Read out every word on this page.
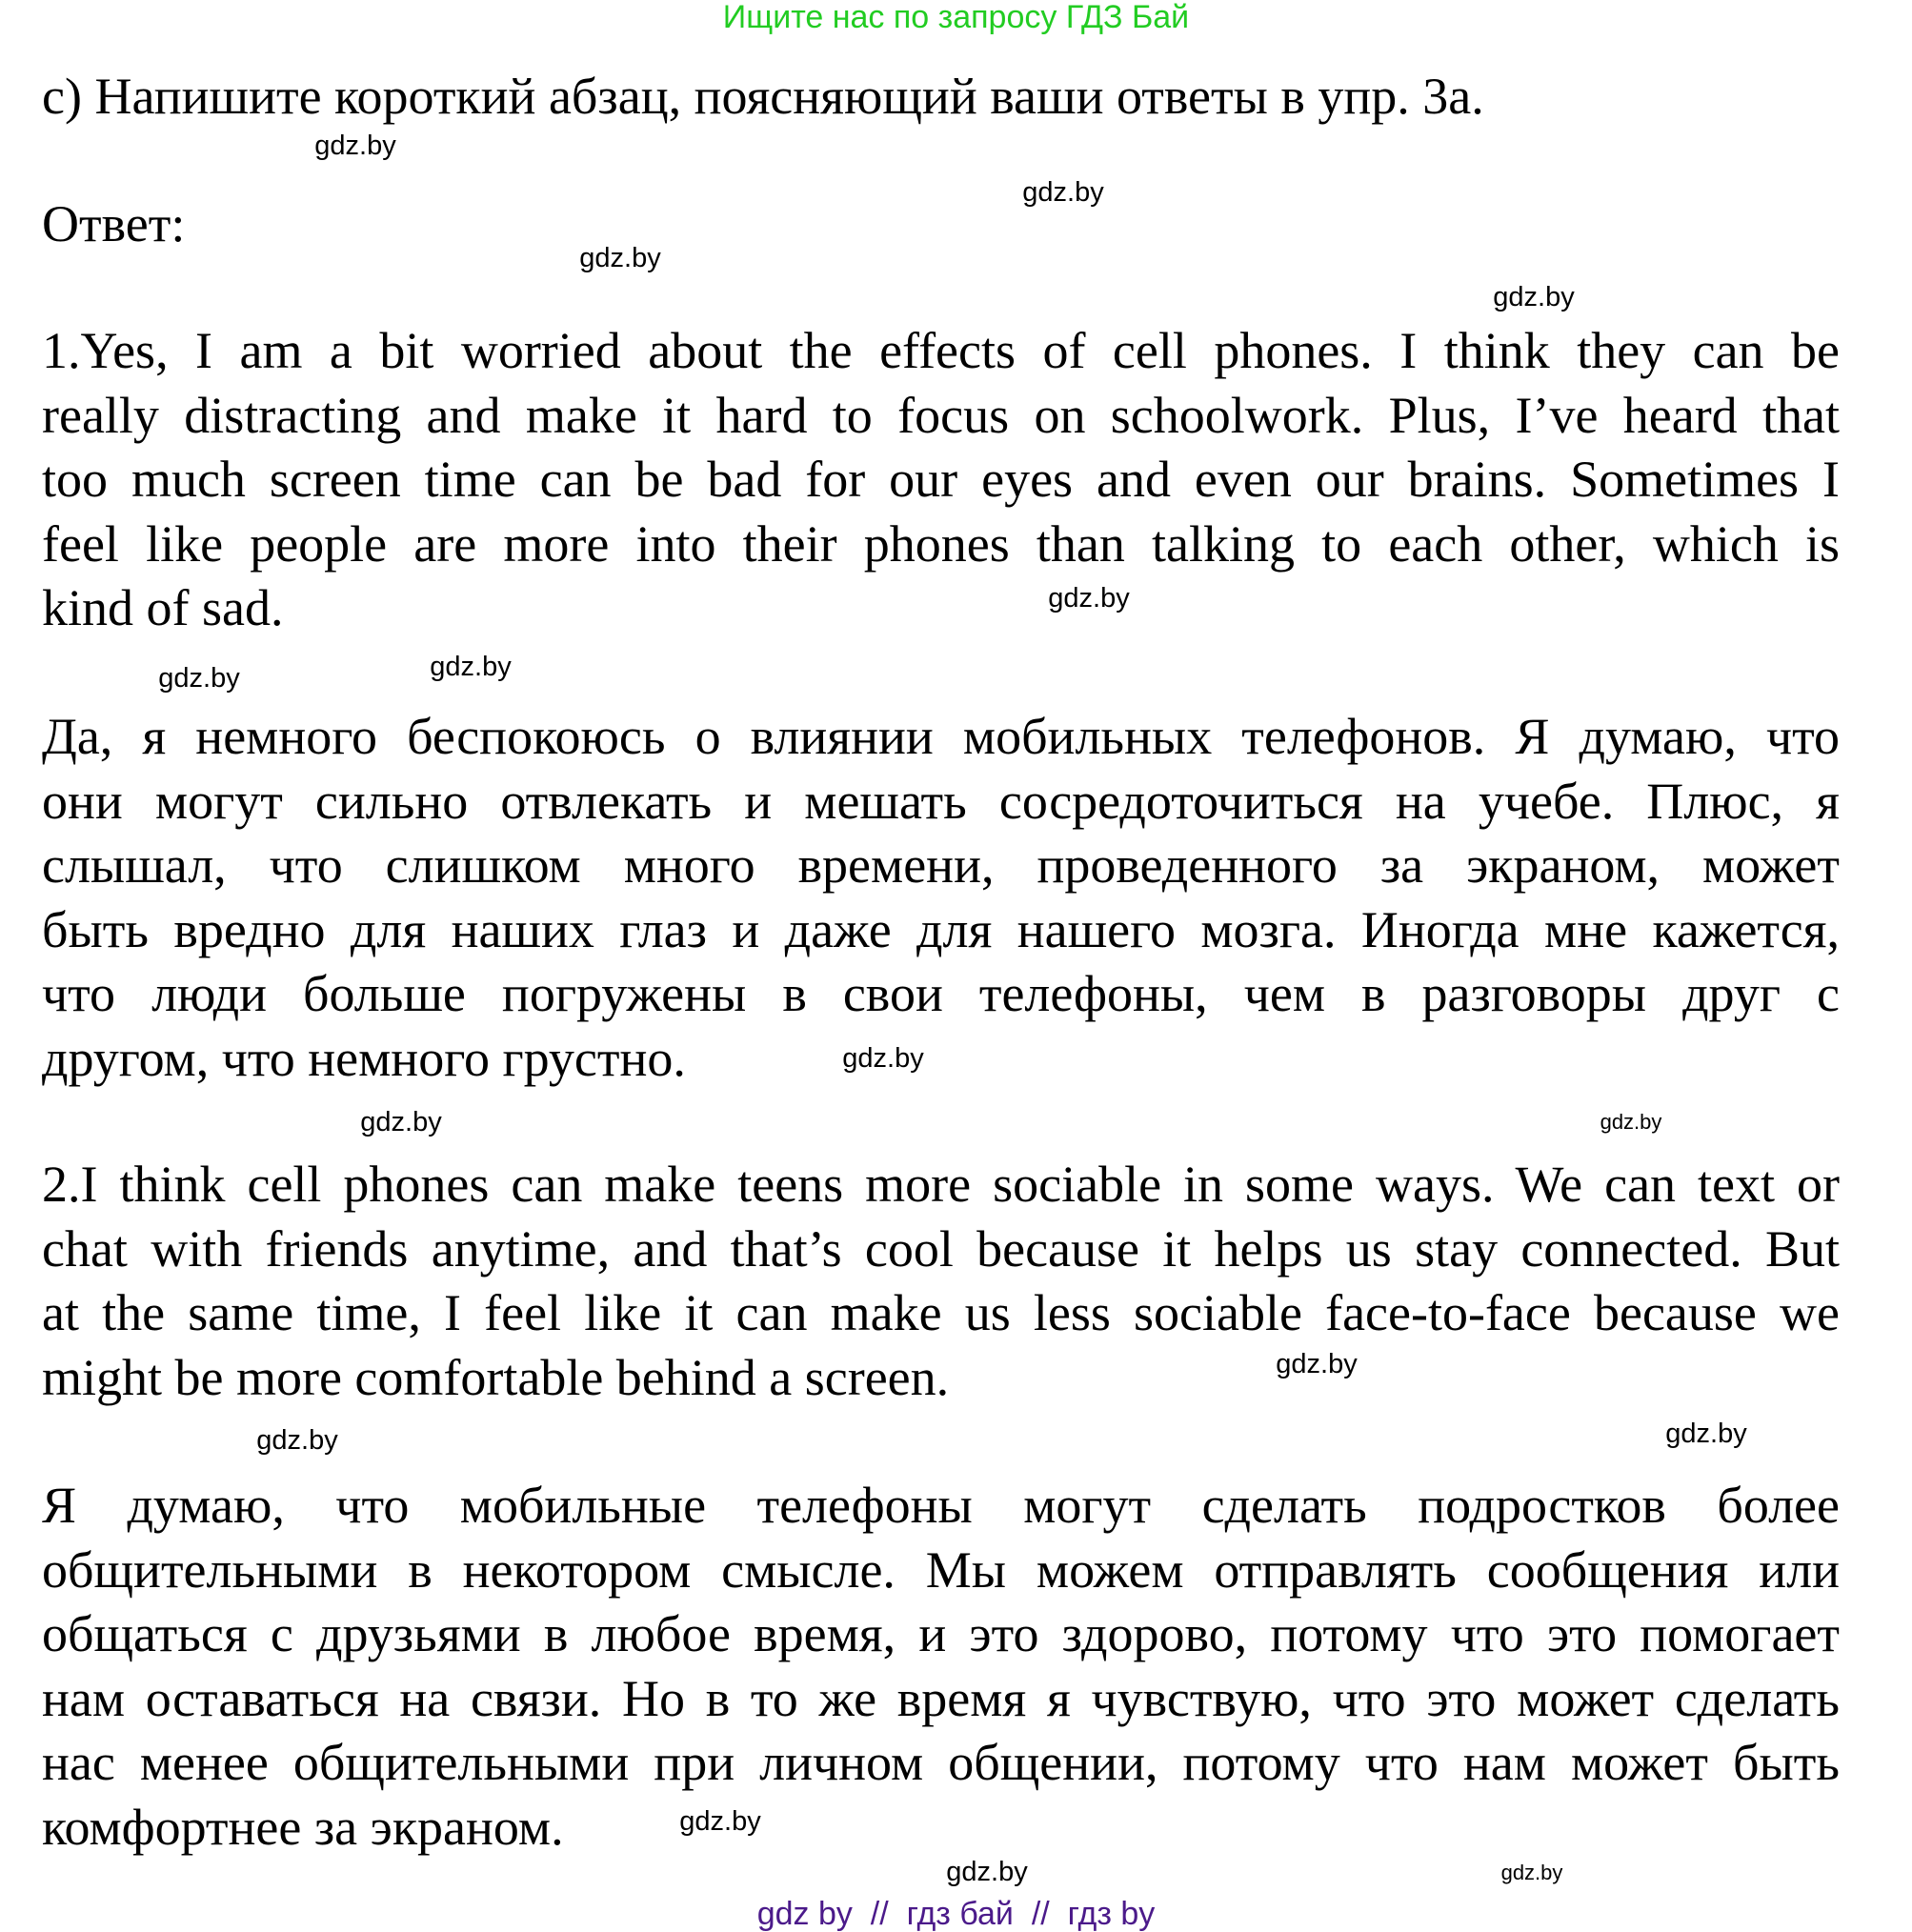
Ищите нас по запросу ГДЗ Бай
c) Напишите короткий абзац, поясняющий ваши ответы в упр. 3a.
Ответ:
1.Yes, I am a bit worried about the effects of cell phones. I think they can be
really distracting and make it hard to focus on schoolwork. Plus, I’ve heard that
too much screen time can be bad for our eyes and even our brains. Sometimes I
feel like people are more into their phones than talking to each other, which is
kind of sad.
Да, я немного беспокоюсь о влиянии мобильных телефонов. Я думаю, что
они могут сильно отвлекать и мешать сосредоточиться на учебе. Плюс, я
слышал, что слишком много времени, проведенного за экраном, может
быть вредно для наших глаз и даже для нашего мозга. Иногда мне кажется,
что люди больше погружены в свои телефоны, чем в разговоры друг с
другом, что немного грустно.
2.I think cell phones can make teens more sociable in some ways. We can text or
chat with friends anytime, and that’s cool because it helps us stay connected. But
at the same time, I feel like it can make us less sociable face-to-face because we
might be more comfortable behind a screen.
Я думаю, что мобильные телефоны могут сделать подростков более
общительными в некотором смысле. Мы можем отправлять сообщения или
общаться с друзьями в любое время, и это здорово, потому что это помогает
нам оставаться на связи. Но в то же время я чувствую, что это может сделать
нас менее общительными при личном общении, потому что нам может быть
комфортнее за экраном.
gdz.by
gdz.by
gdz.by
gdz.by
gdz.by
gdz.by
gdz.by
gdz.by
gdz.by
gdz.by
gdz.by
gdz.by
gdz.by
gdz.by
gdz.by
gdz.by
gdz by  //  гдз бай  //  гдз by
